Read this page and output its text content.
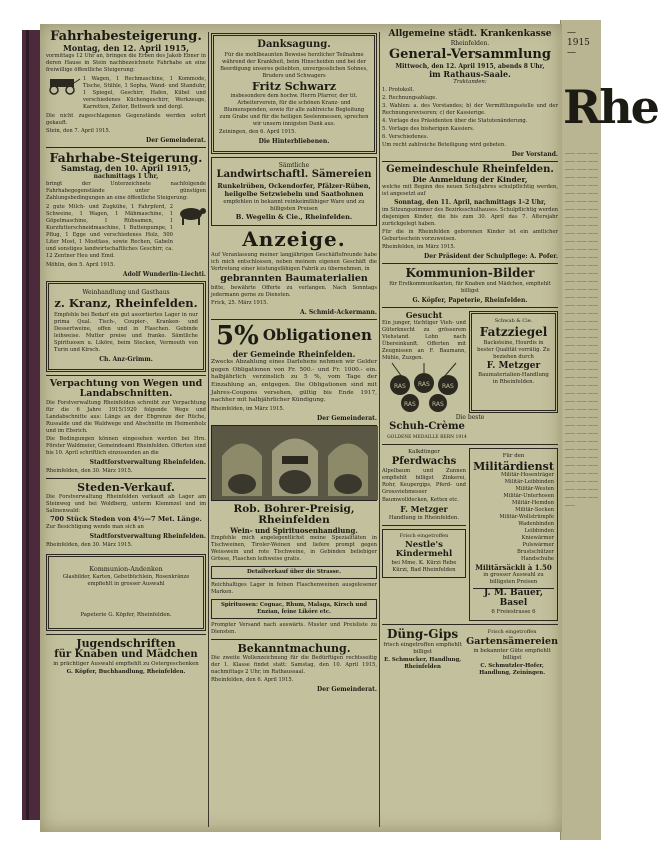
— 1915 —
Rhe
—— —— —— —— —— —— —— —— —— —— —— —— —— —— —— —— —— —— —— —— —— —— —— —— —— —— —— —— —— —— —— —— —— —— —— —— —— —— —— —— —— —— —— —— —— —— —— —— —— —— —— —— —— —— —— —— —— —— —— —— —— —— —— —— —— —— —— —— —— —— —— —— —— —— —— —— —— —— —— —— —— —— —— —— —— —— —— —— —— —— —— —— —— —— —— —— —— —— —— —— —— —— —— —— —— —— —— —— —— —— —— —— —— —— —— —— —— —— —— —— —— —— —— —— —— —— —— —— —— —— —— —— ——
Fahrhabesteigerung.
Montag, den 12. April 1915,
vormittags 12 Uhr an, bringen die Erben des Jakob Ebner in deren Hause in Stein nachbezeichnete Fahrhabe an eine freiwillige öffentliche Steigerung:
1 Wagen, 1 Rechmaschine, 1 Kommode, Tische, Stühle, 1 Sopha, Wand- und Standuhr, 1 Spiegel, Geschirr, Hafen, Kübel und verschiedenes Küchengeschirr, Werkzeuge, Karretten, Zeitor, Bettwerk und dergl.
Die nicht zugeschlagenen Gegenstände werden sofort gekauft.
Stein, den 7. April 1915.
Der Gemeinderat.
Fahrhabe-Steigerung.
Samstag, den 10. April 1915,
nachmittags 1 Uhr,
bringt der Unterzeichnete nachfolgende Fahrhabegegenstände unter günstigen Zahlungsbedingungen an eine öffentliche Steigerung:
2 gute Milch- und Zugkühe, 1 Fahrpferd, 2 Schweine, 1 Wagen, 1 Mähmaschine, 1 Göpelmaschine, 1 Rübsamen, 1 Kurzfutterschneidmaschine, 1 Buttenpumpe, 1 Pflug, 1 Egge und verschiedenes Holz, 500 Liter Most, 1 Mostfass, sowie Rechen, Gabeln und sonstiges landwirtschaftliches Geschirr, ca. 12 Zentner Heu und Emd.
Möhlin, den 5. April 1915.
Adolf Wunderlin-Liechti.
Weinhandlung und Gasthaus
z. Kranz, Rheinfelden.
Empfehle bei Bedarf ein gut assortiertes Lager in nur prima Qual. Tisch-, Coupier-, Kranken- und Dessertweine, offen und in Flaschen. Gebinde leihweise. Mutter preise und franko. Sämtliche Spirituosen u. Liköre, beim Stecken, Vermouth von Turin und Kirsch.
Ch. Anz-Grimm.
Verpachtung von Wegen und Landabschnitten.
Die Forstverwaltung Rheinfelden schreibt zur Verpachtung für die 6 Jahre 1915/1920 folgende Wege und Landabschnitte aus: Längs an der Ebgrenze der Rüche, Russalde und die Waldwege und Abschnitte im Heimenholz und im Ebsrich.
Die Bedingungen können eingesehen werden bei Hrn. Förster Waldmeier, Gemeindeamt Rheinfelden. Offerten sind bis 10. April schriftlich einzusenden an die
Stadtforstverwaltung Rheinfelden.
Rheinfelden, den 30. März 1915.
Steden-Verkauf.
Die Forstverwaltung Rheinfelden verkauft ab Lager am Steinweg und bei Woldberg, unterm Klemmzel und im Salinenwald:
700 Stück Steden von 4½—7 Met. Länge.
Zur Besichtigung wende man sich an
Stadtforstverwaltung Rheinfelden.
Rheinfelden, den 30. März 1915.
Kommunion-Andenken
Glasbilder, Karten, Gebetbüchlein, Rosenkränze empfiehlt in grosser Auswahl
Papeterie G. Köpfer, Rheinfelden.
Jugendschriften
für Knaben und Mädchen
in prächtiger Auswahl empfiehlt zu Ostergeschenken
G. Köpfer, Buchhandlung, Rheinfelden.
Danksagung.
Für die mohlbeaunten Beweise herzlicher Teilnahme während der Krankheit, beim Hinscheiden und bei der Beerdigung unseres geliebten, unvergesslichen Sohnes, Bruders und Schwagers
Fritz Schwarz
insbesondere dem hochw. Herrn Pfarrer, der tit. Arbeiterverein, für die schönen Kranz- und Blumenspenden, sowie für alle zahlreiche Begleitung zum Grabe und für die heiligen Seelenmessen, sprechen wir unsern innigsten Dank aus.
Zeiningen, den 6. April 1915.
Die Hinterbliebenen.
Sämtliche
Landwirtschaftl. Sämereien
Runkelrüben, Ockendorfer, Pfälzer-Rüben, heilgelbe Setzwiebeln und Saatbohnen
empfehlen in bekannt reinkeimfähiger Ware und zu billigsten Preisen
B. Wegelin & Cie., Rheinfelden.
Anzeige.
Auf Veranlassung meiner langjährigen Geschäftsfreunde habe ich mich entschlossen, neben meinem eigenen Geschäft die Vertretung einer leistungsfähigen Fabrik zu übernehmen, in
gebrannten Baumaterialien
bitte, bewährte Offerte zu verlangen. Nach Sonntags jedermann gerne zu Diensten.
Frick, 25. März 1915.
A. Schmid-Ackermann.
5% Obligationen
der Gemeinde Rheinfelden.
Zwecks Abzahlung eines Darlehens nehmen wir Gelder gegen Obligationen von Fr. 500.- und Fr. 1000.- ein. halbjährlich verzinslich zu 5 %, vom Tage der Einzahlung an, entgegen. Die Obligationen sind mit Jahres-Coupons versehen, gültig bis Ende 1917, nachher mit halbjährlicher Kündigung.
Rheinfelden, im März 1915.
Der Gemeinderat.
Rob. Bohrer-Preisig, Rheinfelden
Wein- und Spirituosenhandlung.
Empfehle mich angelegentlichst meine Spezialitäten in Tischweinen, Tiroler-Weinen und liefere prompt gegen Weisswein und rote Tischweine, in Gebinden beliebiger Grösse, Flaschen leihweise gratis.
Detailverkauf über die Strasse.
Reichhaltiges Lager in feinen Flaschenweinen ausgelesener Marken.
Spirituosen: Cognac, Rhum, Malaga, Kirsch und Enzian, feine Liköre etc.
Prompter Versand nach auswärts. Muster und Preisliste zu Diensten.
Bekanntmachung.
Die zweite Wollenzeichnung für die Bedürftigen rechtsseitig der 1. Klasse findet statt: Samstag, den 10. April 1915, nachmittags 2 Uhr, im Rathaussaal.
Rheinfelden, den 6. April 1915.
Der Gemeinderat.
Allgemeine städt. Krankenkasse
Rheinfelden.
General-Versammlung
Mittwoch, den 12. April 1915, abends 8 Uhr,
im Rathaus-Saale.
Traktanden:
1. Protokoll.
2. Rechnungsablage.
3. Wahlen: a. des Vorstandes; b) der Vermittlungsstelle und der Rechnungsrevisoren; c) der Kassierige.
4. Vorlage des Präsidenten über die Statutenänderung.
5. Vorlage des bisherigen Kassiers.
6. Verschiedenes.
Um recht zahlreiche Beteiligung wird gebeten.
Der Vorstand.
Gemeindeschule Rheinfelden.
Die Anmeldung der Kinder,
welche mit Beginn des neuen Schuljahres schulpflichtig werden, ist angesetzt auf
Sonntag, den 11. April, nachmittags 1–2 Uhr,
im Sitzungszimmer des Bezirksschulhauses. Schulpflichtig werden diejenigen Kinder, die bis zum 30. April das 7. Altersjahr zurückgelegt haben.
Für die in Rheinfelden geborenen Kinder ist ein amtlicher Geburtsschein vorzuweisen.
Rheinfelden, im März 1915.
Der Präsident der Schulpflege: A. Pofer.
Kommunion-Bilder
für Erstkommunikanten, für Knaben und Mädchen, empfiehlt billigst
G. Köpfer, Papeterie, Rheinfelden.
Gesucht
Ein junger, tüchtiger Vieh- und Güterknecht zu grösserem Viehstand. Lohn nach Übereinkunft. Offerten mit Zeugnissen an F. Baumann, Mühle, Zuzgen.
RAS RAS RAS
RAS	RAS
Schwab & Cie.
Fatzziegel
Backsteine, Hourdis in bester Qualität vorrätig. Zu beziehen durch
F. Metzger
Baumaterialien-Handlung in Rheinfelden.
Die beste
Schuh-Crème
GOLDENE MEDAILLE BERN 1914
Kalkdünger
Pferdwachs
Alpelbaum und Zunnen empfiehlt billigst Zinkerei, Rohr, Keupergips, Pferd- und Grossviehmesser
Baumwolldecken, Ketten etc.
F. Metzger
Handlung in Rheinfelden.
Frisch eingetroffen
Nestle's Kindermehl
bei Mme. K. Kürzi Rebe Kürzi, Bad Rheinfelden
Für den
Militärdienst
Militär-Hosenträger
Militär-Leibbinden
Militär-Westen
Militär-Unterhosen
Militär-Hemden
Militär-Socken
Militär-Wollstrümpfe
Wadenbinden
Leibbinden
Kniewärmer
Pulswärmer
Brustschützer
Handschuhe
Militärsäckli à 1.50
in grosser Auswahl zu billigsten Preisen
J. M. Bauer, Basel
6 Freiestrasse 6
Düng-Gips
frisch eingetroffen empfiehlt billigst
E. Schmucker, Handlung, Rheinfelden
Frisch eingetroffen
Gartensämereien
in bekannter Güte empfiehlt billigst
C. Schmutzler-Hofer, Handlung, Zeiningen.
